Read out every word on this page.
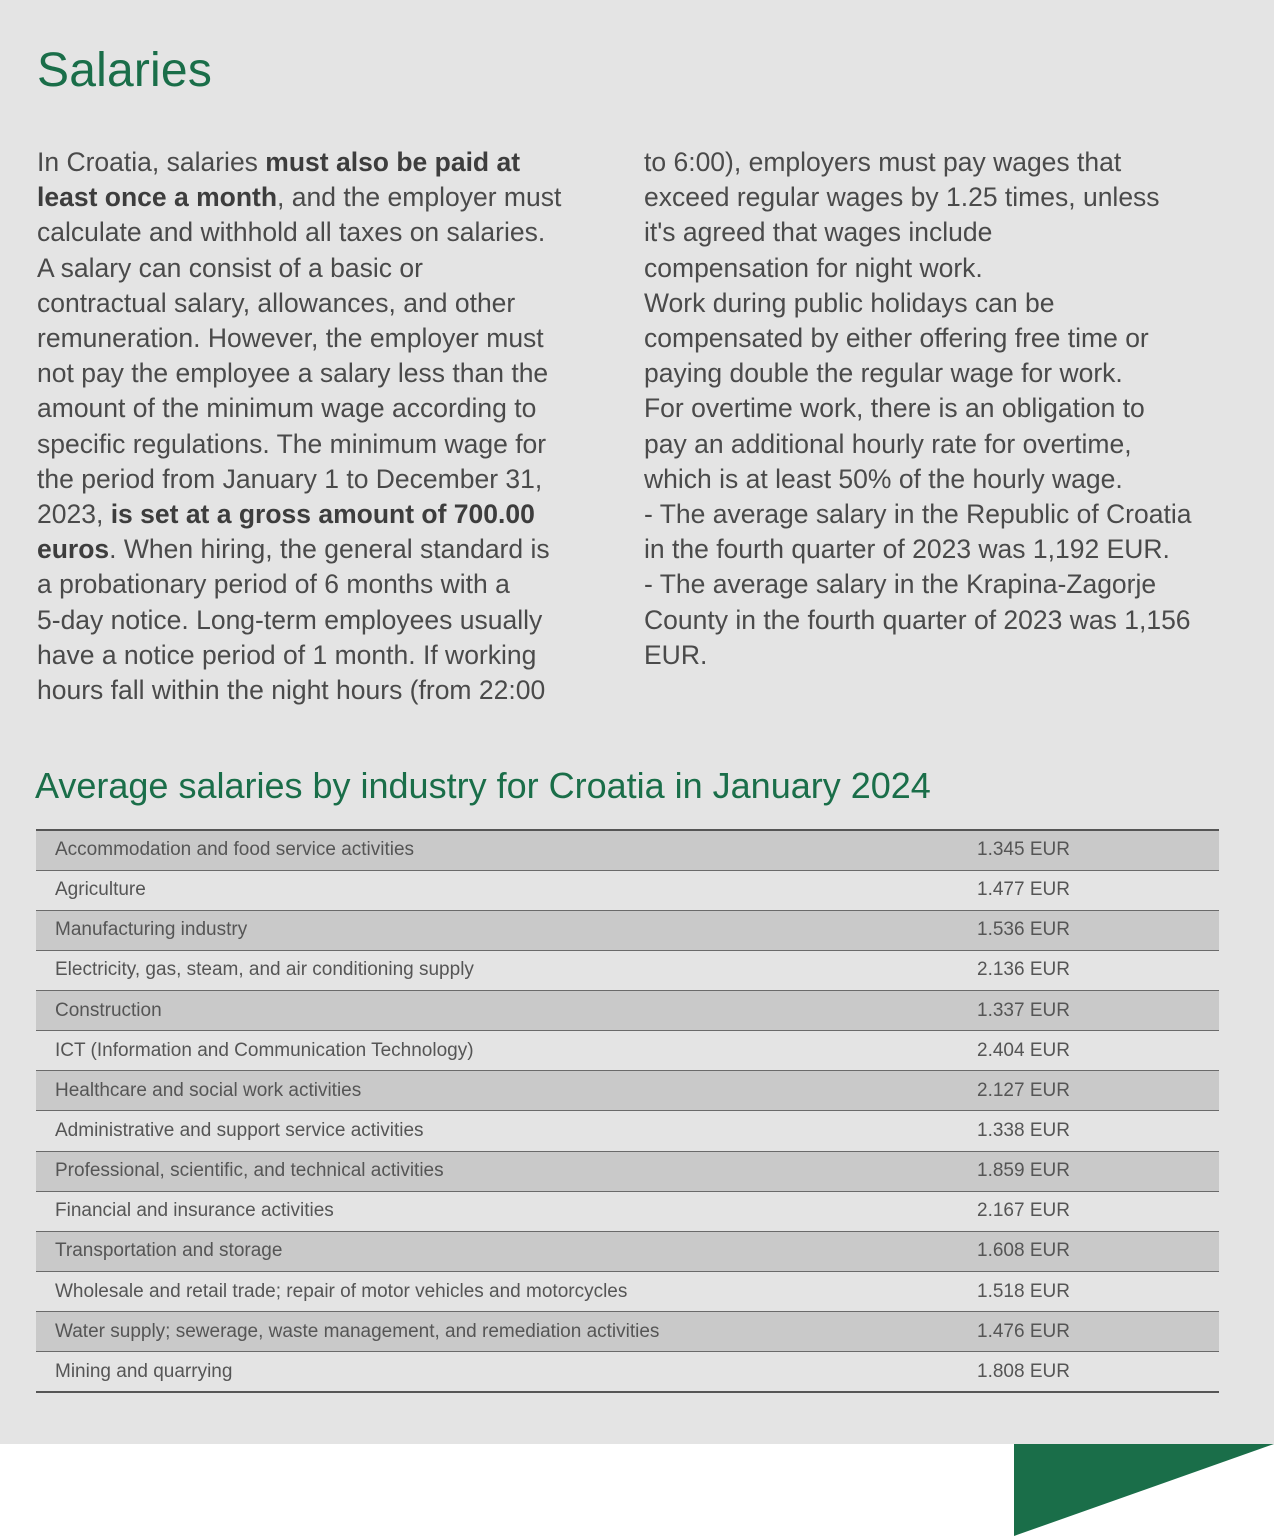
Salaries
In Croatia, salaries must also be paid at
least once a month, and the employer must
calculate and withhold all taxes on salaries.
A salary can consist of a basic or
contractual salary, allowances, and other
remuneration. However, the employer must
not pay the employee a salary less than the
amount of the minimum wage according to
specific regulations. The minimum wage for
the period from January 1 to December 31,
2023, is set at a gross amount of 700.00
euros. When hiring, the general standard is
a probationary period of 6 months with a
5-day notice. Long-term employees usually
have a notice period of 1 month. If working
hours fall within the night hours (from 22:00
to 6:00), employers must pay wages that
exceed regular wages by 1.25 times, unless
it's agreed that wages include
compensation for night work.
Work during public holidays can be
compensated by either offering free time or
paying double the regular wage for work.
For overtime work, there is an obligation to
pay an additional hourly rate for overtime,
which is at least 50% of the hourly wage.
- The average salary in the Republic of Croatia
in the fourth quarter of 2023 was 1,192 EUR.
- The average salary in the Krapina-Zagorje
County in the fourth quarter of 2023 was 1,156
EUR.
Average salaries by industry for Croatia in January 2024
Accommodation and food service activities	1.345 EUR
Agriculture	1.477 EUR
Manufacturing industry	1.536 EUR
Electricity, gas, steam, and air conditioning supply	2.136 EUR
Construction	1.337 EUR
ICT (Information and Communication Technology)	2.404 EUR
Healthcare and social work activities	2.127 EUR
Administrative and support service activities	1.338 EUR
Professional, scientific, and technical activities	1.859 EUR
Financial and insurance activities	2.167 EUR
Transportation and storage	1.608 EUR
Wholesale and retail trade; repair of motor vehicles and motorcycles	1.518 EUR
Water supply; sewerage, waste management, and remediation activities	1.476 EUR
Mining and quarrying	1.808 EUR
